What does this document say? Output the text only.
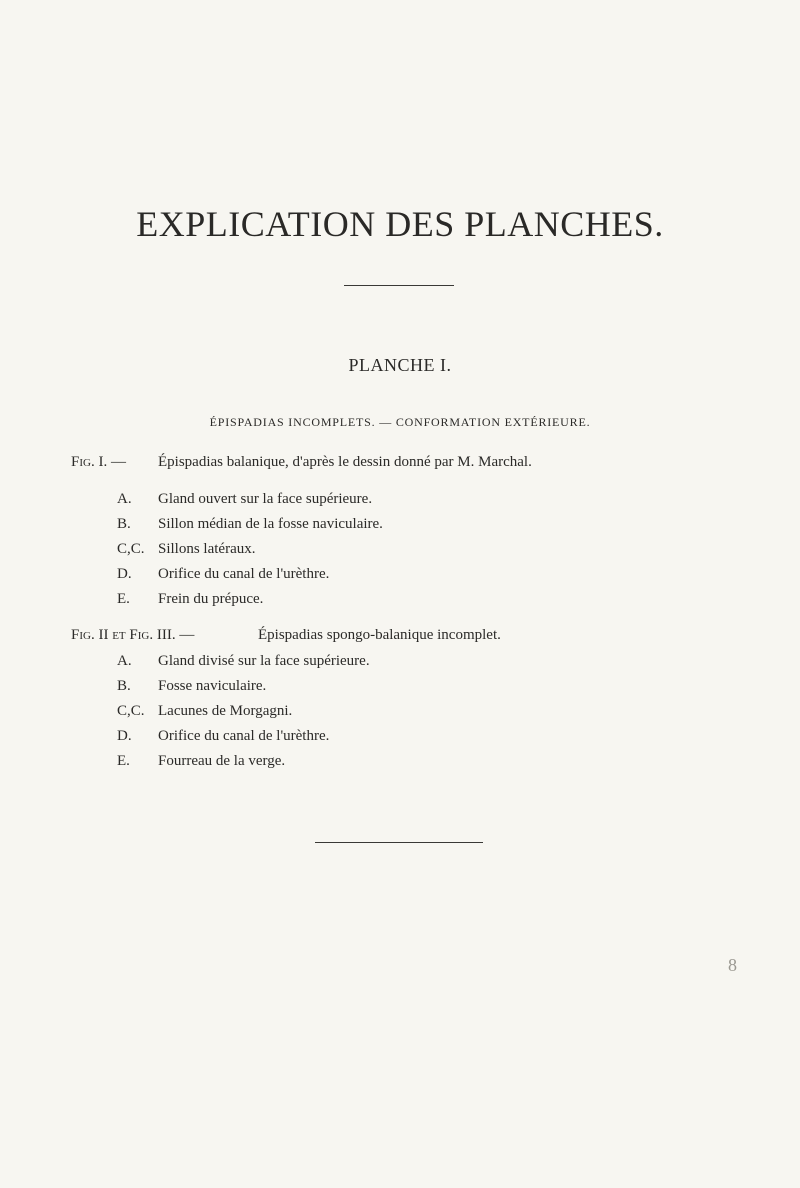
EXPLICATION DES PLANCHES.
PLANCHE I.
ÉPISPADIAS INCOMPLETS. — CONFORMATION EXTÉRIEURE.
Fig. I. — Épispadias balanique, d'après le dessin donné par M. Marchal.
A. Gland ouvert sur la face supérieure.
B. Sillon médian de la fosse naviculaire.
C,C. Sillons latéraux.
D. Orifice du canal de l'urèthre.
E. Frein du prépuce.
Fig. II et Fig. III. —	Épispadias spongo-balanique incomplet.
A. Gland divisé sur la face supérieure.
B. Fosse naviculaire.
C,C. Lacunes de Morgagni.
D. Orifice du canal de l'urèthre.
E. Fourreau de la verge.
8
